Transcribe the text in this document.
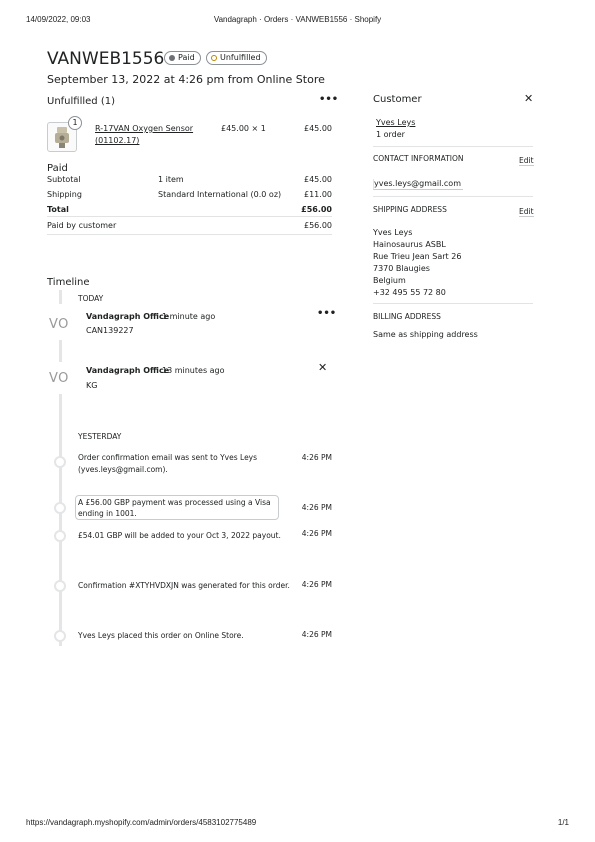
14/09/2022, 09:03	Vandagraph · Orders · VANWEB1556 · Shopify
VANWEB1556 Paid	Unfulfilled
September 13, 2022 at 4:26 pm from Online Store
Unfulfilled (1)	•••
1
R-17VAN Oxygen Sensor
(01102.17)
£45.00 × 1	£45.00
Paid
Subtotal	1 item	£45.00
Shipping	Standard International (0.0 oz)	£11.00
Total	£56.00
Paid by customer	£56.00
Timeline
TODAY
VO
Vandagraph Office
1 minute ago
CAN139227
•••
VO
Vandagraph Office
13 minutes ago
KG
✕
YESTERDAY
Order confirmation email was sent to Yves Leys
(yves.leys@gmail.com).
4:26 PM
A £56.00 GBP payment was processed using a Visa
ending in 1001.
4:26 PM
£54.01 GBP will be added to your Oct 3, 2022 payout.	4:26 PM
Confirmation #XTYHVDXJN was generated for this order.	4:26 PM
Yves Leys placed this order on Online Store.	4:26 PM
Customer	✕
Yves Leys
1 order
CONTACT INFORMATION	Edit
yves.leys@gmail.com
SHIPPING ADDRESS	Edit
Yves Leys
Hainosaurus ASBL
Rue Trieu Jean Sart 26
7370 Blaugies
Belgium
+32 495 55 72 80
BILLING ADDRESS
Same as shipping address
https://vandagraph.myshopify.com/admin/orders/4583102775489	1/1
